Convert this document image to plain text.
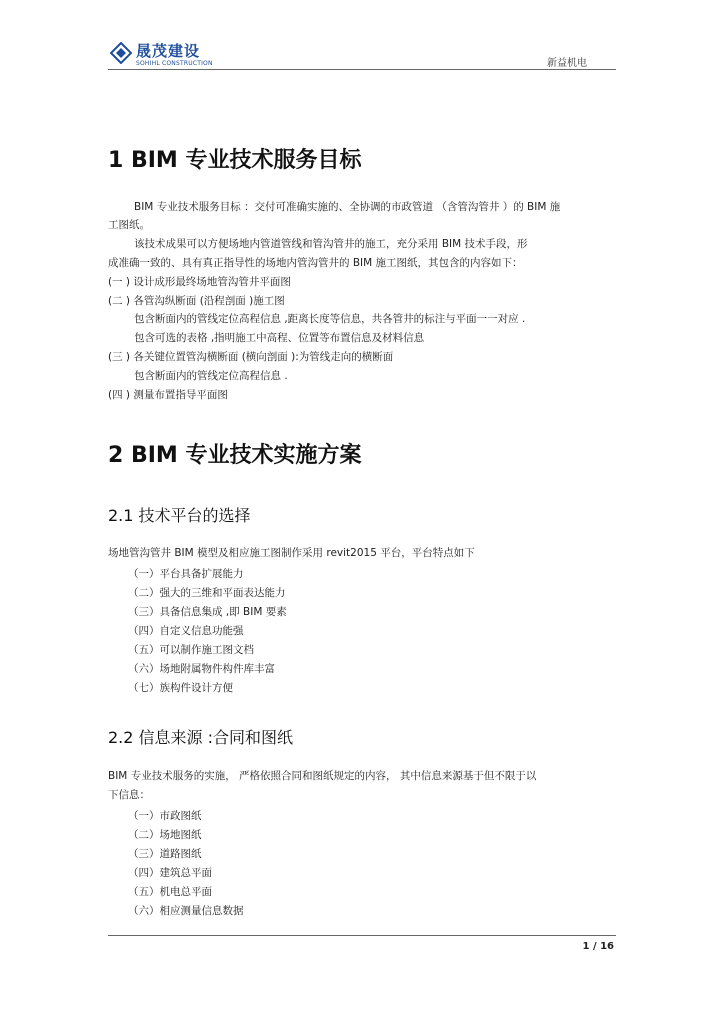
晟茂建设
SOHIHL CONSTRUCTION	新益机电
1 BIM 专业技术服务目标
BIM 专业技术服务目标 ：交付可准确实施的、全协调的市政管道 （含管沟管井 ）的 BIM 施
工图纸。
该技术成果可以方便场地内管道管线和管沟管井的施工，充分采用 BIM 技术手段，形
成准确一致的、具有真正指导性的场地内管沟管井的 BIM 施工图纸，其包含的内容如下：
(一 ) 设计成形最终场地管沟管井平面图
(二 ) 各管沟纵断面 (沿程剖面 )施工图
包含断面内的管线定位高程信息 ,距离长度等信息，共各管井的标注与平面一一对应 .
包含可选的表格 ,指明施工中高程、位置等布置信息及材料信息
(三 ) 各关键位置管沟横断面 (横向剖面 ):为管线走向的横断面
包含断面内的管线定位高程信息 .
(四 ) 测量布置指导平面图
2 BIM 专业技术实施方案
2.1 技术平台的选择
场地管沟管井 BIM 模型及相应施工图制作采用 revit2015 平台，平台特点如下
（一）平台具备扩展能力
（二）强大的三维和平面表达能力
（三）具备信息集成 ,即 BIM 要素
（四）自定义信息功能强
（五）可以制作施工图文档
（六）场地附属物件构件库丰富
（七）族构件设计方便
2.2 信息来源 :合同和图纸
BIM 专业技术服务的实施， 严格依照合同和图纸规定的内容， 其中信息来源基于但不限于以
下信息：
（一）市政图纸
（二）场地图纸
（三）道路图纸
（四）建筑总平面
（五）机电总平面
（六）相应测量信息数据
1 / 16
